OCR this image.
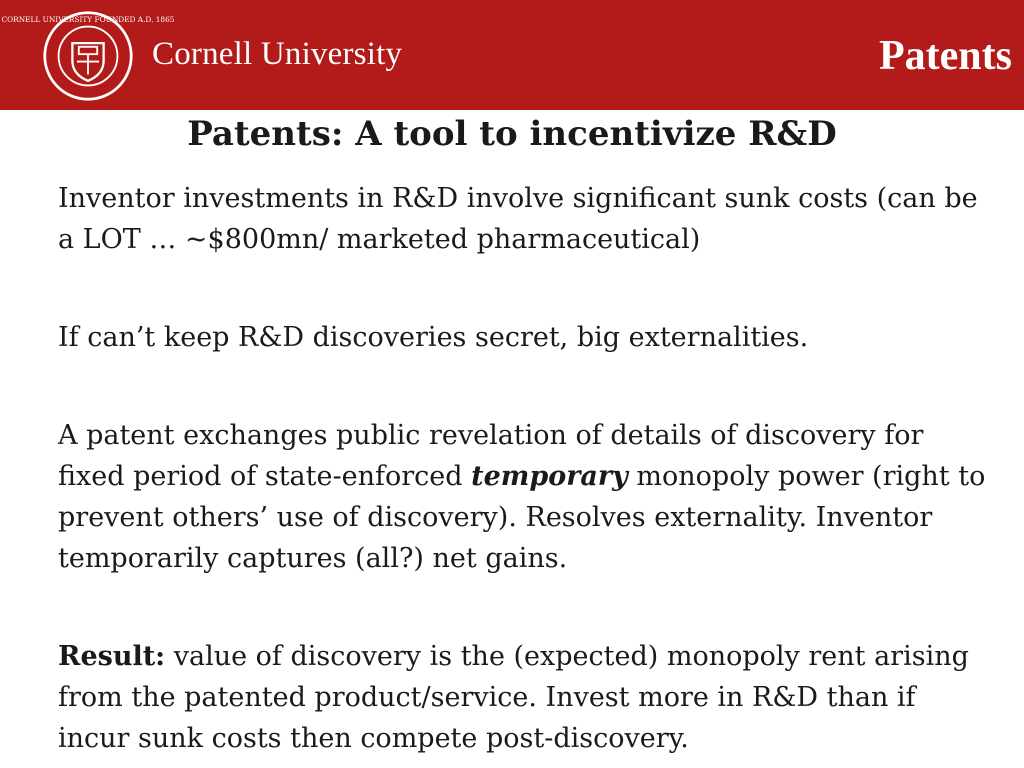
CORNELL UNIVERSITY FOUNDED A.D. 1865
Cornell University	Patents
Patents: A tool to incentivize R&D

Inventor investments in R&D involve significant sunk costs (can be a LOT … ~$800mn/ marketed pharmaceutical)

If can’t keep R&D discoveries secret, big externalities.

A patent exchanges public revelation of details of discovery for fixed period of state-enforced temporary monopoly power (right to prevent others’ use of discovery). Resolves externality. Inventor temporarily captures (all?) net gains.

Result: value of discovery is the (expected) monopoly rent arising from the patented product/service. Invest more in R&D than if incur sunk costs then compete post-discovery.
